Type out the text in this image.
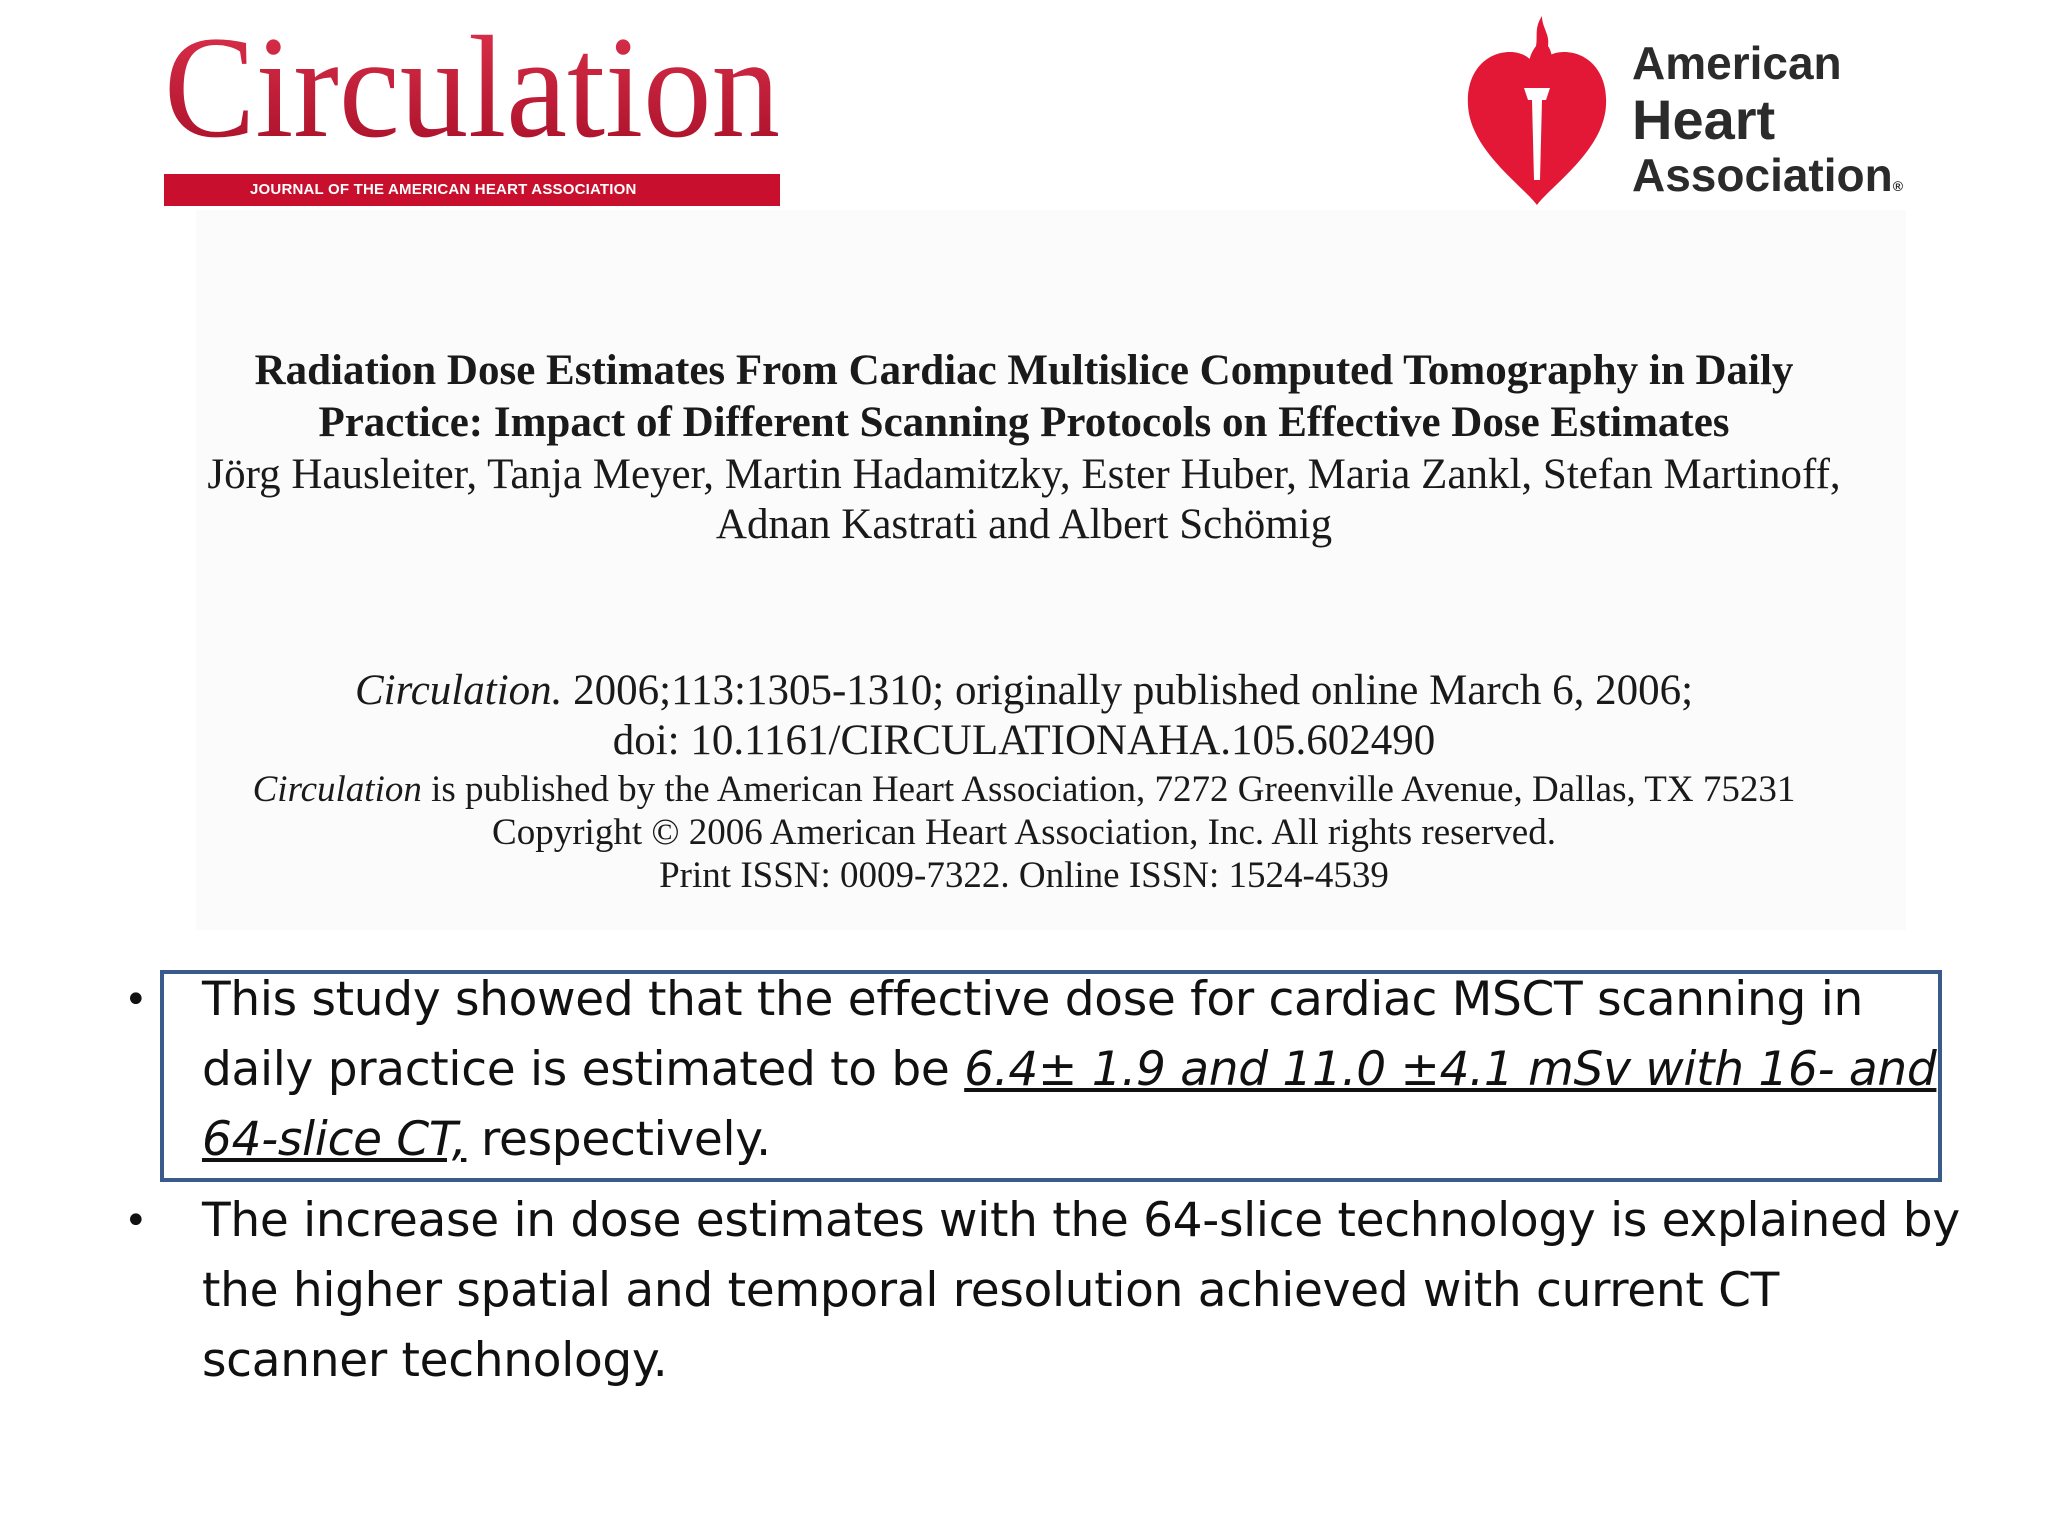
Circulation
JOURNAL OF THE AMERICAN HEART ASSOCIATION
American
Heart
Association®
Radiation Dose Estimates From Cardiac Multislice Computed Tomography in Daily
Practice: Impact of Different Scanning Protocols on Effective Dose Estimates
Jörg Hausleiter, Tanja Meyer, Martin Hadamitzky, Ester Huber, Maria Zankl, Stefan Martinoff,
Adnan Kastrati and Albert Schömig
Circulation. 2006;113:1305-1310; originally published online March 6, 2006;
doi: 10.1161/CIRCULATIONAHA.105.602490
Circulation is published by the American Heart Association, 7272 Greenville Avenue, Dallas, TX 75231
Copyright © 2006 American Heart Association, Inc. All rights reserved.
Print ISSN: 0009-7322. Online ISSN: 1524-4539
• This study showed that the effective dose for cardiac MSCT scanning in
daily practice is estimated to be 6.4± 1.9 and 11.0 ±4.1 mSv with 16- and
64-slice CT, respectively.
• The increase in dose estimates with the 64-slice technology is explained by
the higher spatial and temporal resolution achieved with current CT
scanner technology.
